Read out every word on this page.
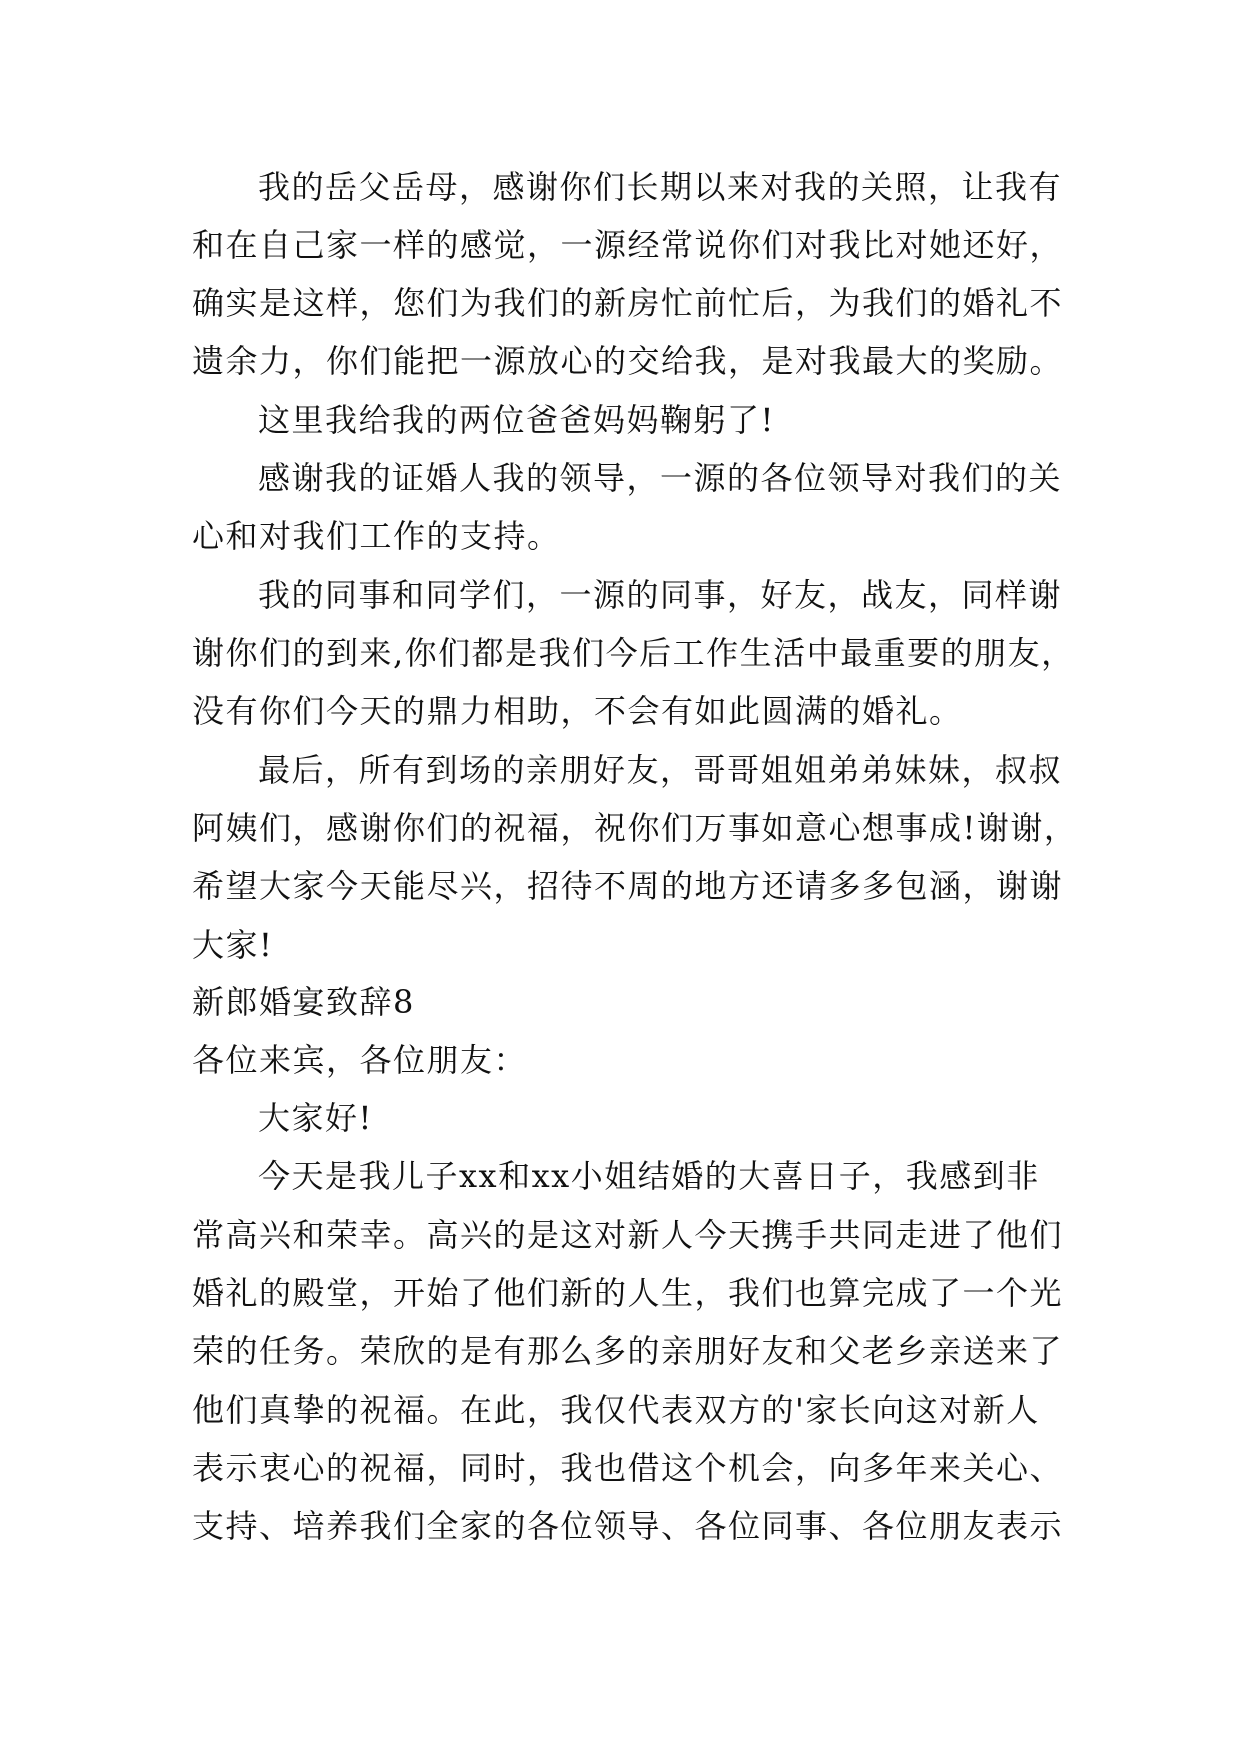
我的岳父岳母，感谢你们长期以来对我的关照，让我有
和在自己家一样的感觉，一源经常说你们对我比对她还好，
确实是这样，您们为我们的新房忙前忙后，为我们的婚礼不
遗余力，你们能把一源放心的交给我，是对我最大的奖励。
这里我给我的两位爸爸妈妈鞠躬了!
感谢我的证婚人我的领导，一源的各位领导对我们的关
心和对我们工作的支持。
我的同事和同学们，一源的同事，好友，战友，同样谢
谢你们的到来,你们都是我们今后工作生活中最重要的朋友，
没有你们今天的鼎力相助，不会有如此圆满的婚礼。
最后，所有到场的亲朋好友，哥哥姐姐弟弟妹妹，叔叔
阿姨们，感谢你们的祝福，祝你们万事如意心想事成!谢谢，
希望大家今天能尽兴，招待不周的地方还请多多包涵，谢谢
大家!
新郎婚宴致辞8
各位来宾，各位朋友：
大家好!
今天是我儿子xx和xx小姐结婚的大喜日子，我感到非
常高兴和荣幸。高兴的是这对新人今天携手共同走进了他们
婚礼的殿堂，开始了他们新的人生，我们也算完成了一个光
荣的任务。荣欣的是有那么多的亲朋好友和父老乡亲送来了
他们真挚的祝福。在此，我仅代表双方的'家长向这对新人
表示衷心的祝福，同时，我也借这个机会，向多年来关心、
支持、培养我们全家的各位领导、各位同事、各位朋友表示
